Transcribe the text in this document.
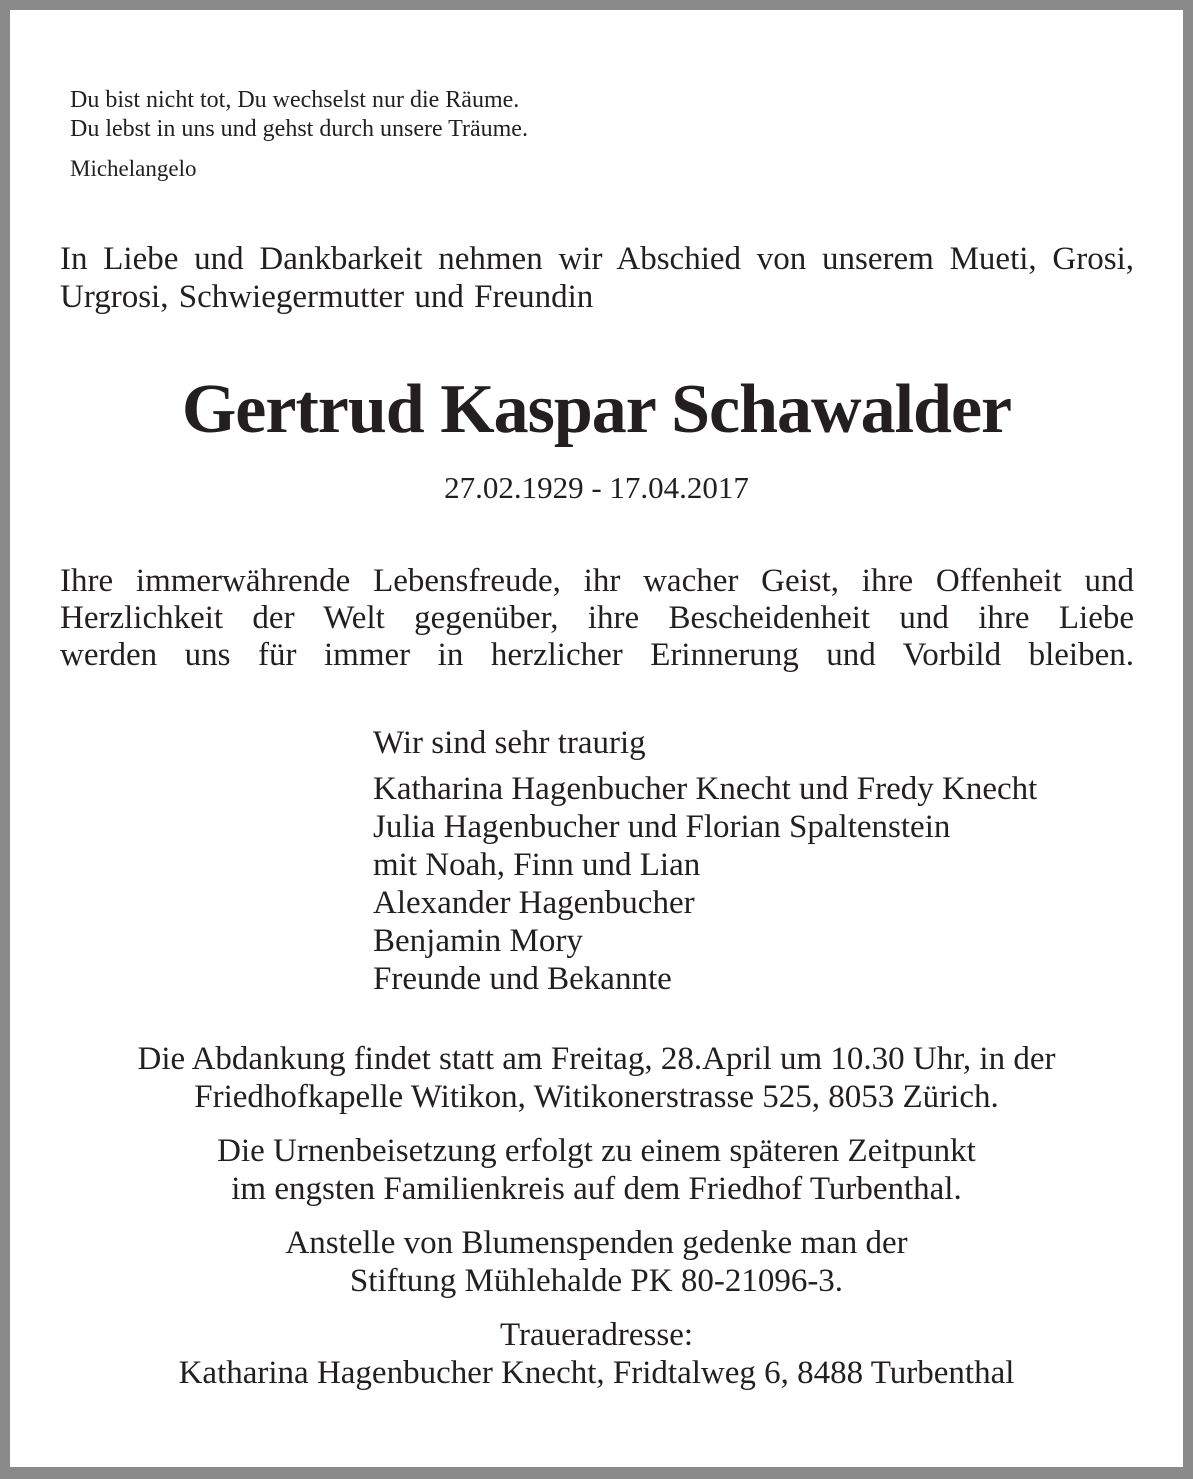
Du bist nicht tot, Du wechselst nur die Räume.
Du lebst in uns und gehst durch unsere Träume.
Michelangelo
In Liebe und Dankbarkeit nehmen wir Abschied von unserem Mueti, Grosi, Urgrosi, Schwiegermutter und Freundin
Gertrud Kaspar Schawalder
27.02.1929 - 17.04.2017
Ihre immerwährende Lebensfreude, ihr wacher Geist, ihre Offenheit und
Herzlichkeit der Welt gegenüber, ihre Bescheidenheit und ihre Liebe
werden uns für immer in herzlicher Erinnerung und Vorbild bleiben.
Wir sind sehr traurig
Katharina Hagenbucher Knecht und Fredy Knecht
Julia Hagenbucher und Florian Spaltenstein
mit Noah, Finn und Lian
Alexander Hagenbucher
Benjamin Mory
Freunde und Bekannte
Die Abdankung findet statt am Freitag, 28.April um 10.30 Uhr, in der
Friedhofkapelle Witikon, Witikonerstrasse 525, 8053 Zürich.
Die Urnenbeisetzung erfolgt zu einem späteren Zeitpunkt
im engsten Familienkreis auf dem Friedhof Turbenthal.
Anstelle von Blumenspenden gedenke man der
Stiftung Mühlehalde PK 80-21096-3.
Traueradresse:
Katharina Hagenbucher Knecht, Fridtalweg 6, 8488 Turbenthal
